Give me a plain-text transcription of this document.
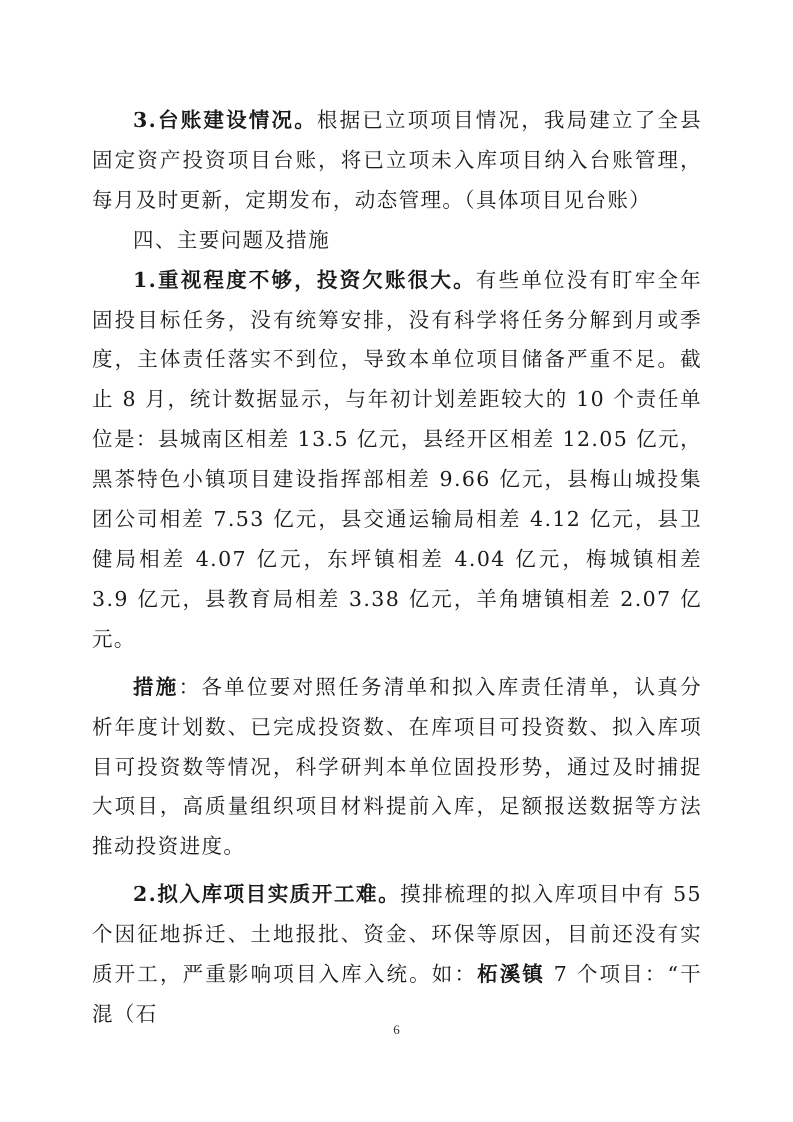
3.台账建设情况。根据已立项项目情况，我局建立了全县固定资产投资项目台账，将已立项未入库项目纳入台账管理，每月及时更新，定期发布，动态管理。（具体项目见台账）

四、主要问题及措施

1.重视程度不够，投资欠账很大。有些单位没有盯牢全年固投目标任务，没有统筹安排，没有科学将任务分解到月或季度，主体责任落实不到位，导致本单位项目储备严重不足。截止 8 月，统计数据显示，与年初计划差距较大的 10 个责任单位是：县城南区相差 13.5 亿元，县经开区相差 12.05 亿元，黑茶特色小镇项目建设指挥部相差 9.66 亿元，县梅山城投集团公司相差 7.53 亿元，县交通运输局相差 4.12 亿元，县卫健局相差 4.07 亿元，东坪镇相差 4.04 亿元，梅城镇相差 3.9 亿元，县教育局相差 3.38 亿元，羊角塘镇相差 2.07 亿元。

措施：各单位要对照任务清单和拟入库责任清单，认真分析年度计划数、已完成投资数、在库项目可投资数、拟入库项目可投资数等情况，科学研判本单位固投形势，通过及时捕捉大项目，高质量组织项目材料提前入库，足额报送数据等方法推动投资进度。

2.拟入库项目实质开工难。摸排梳理的拟入库项目中有 55 个因征地拆迁、土地报批、资金、环保等原因，目前还没有实质开工，严重影响项目入库入统。如：柘溪镇 7 个项目：“干混（石

6
